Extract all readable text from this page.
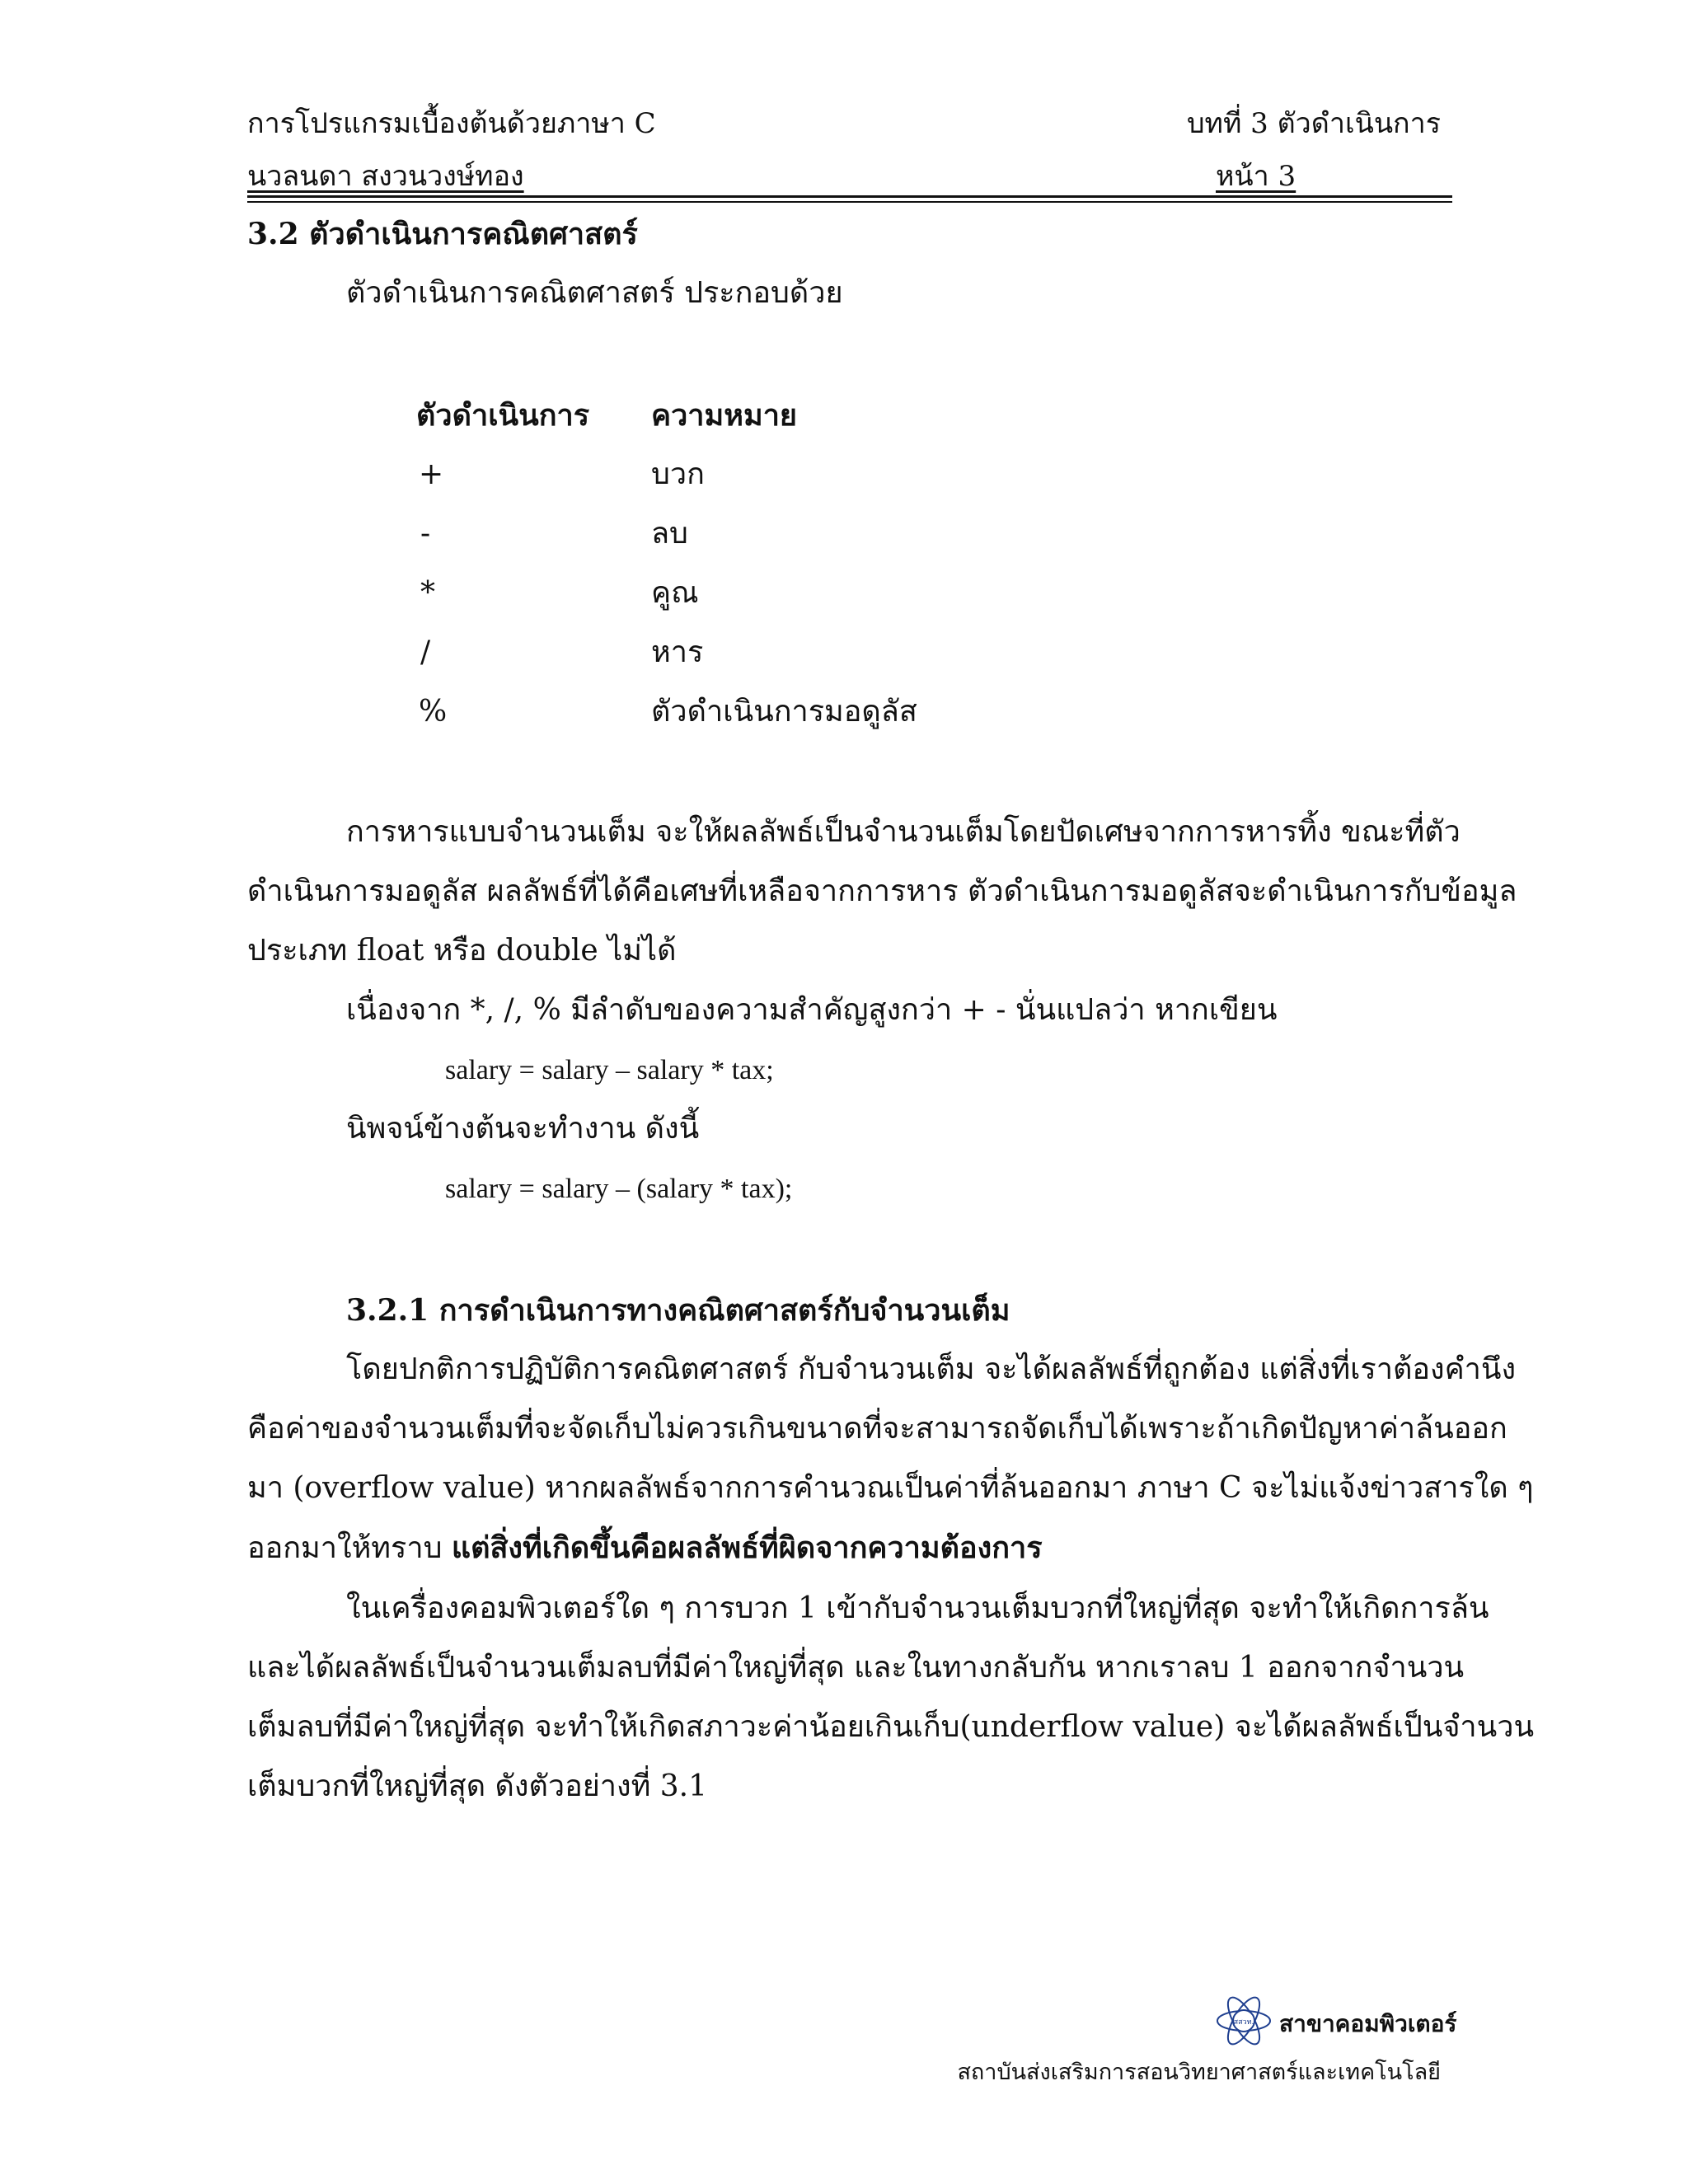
การโปรแกรมเบื้องต้นด้วยภาษา C	บทที่ 3 ตัวดำเนินการ
นวลนดา สงวนวงษ์ทอง	หน้า 3
3.2 ตัวดำเนินการคณิตศาสตร์
ตัวดำเนินการคณิตศาสตร์ ประกอบด้วย
ตัวดำเนินการ ความหมาย
+	บวก
-	ลบ
*	คูณ
/	หาร
%	ตัวดำเนินการมอดูลัส
การหารแบบจำนวนเต็ม จะให้ผลลัพธ์เป็นจำนวนเต็มโดยปัดเศษจากการหารทิ้ง ขณะที่ตัว
ดำเนินการมอดูลัส ผลลัพธ์ที่ได้คือเศษที่เหลือจากการหาร ตัวดำเนินการมอดูลัสจะดำเนินการกับข้อมูล
ประเภท float หรือ double ไม่ได้
เนื่องจาก *, /, % มีลำดับของความสำคัญสูงกว่า + - นั่นแปลว่า หากเขียน
salary = salary – salary * tax;
นิพจน์ข้างต้นจะทำงาน ดังนี้
salary = salary – (salary * tax);
3.2.1 การดำเนินการทางคณิตศาสตร์กับจำนวนเต็ม
โดยปกติการปฏิบัติการคณิตศาสตร์ กับจำนวนเต็ม จะได้ผลลัพธ์ที่ถูกต้อง แต่สิ่งที่เราต้องคำนึง
คือค่าของจำนวนเต็มที่จะจัดเก็บไม่ควรเกินขนาดที่จะสามารถจัดเก็บได้เพราะถ้าเกิดปัญหาค่าล้นออก
มา (overflow value) หากผลลัพธ์จากการคำนวณเป็นค่าที่ล้นออกมา ภาษา C จะไม่แจ้งข่าวสารใด ๆ
ออกมาให้ทราบ แต่สิ่งที่เกิดขึ้นคือผลลัพธ์ที่ผิดจากความต้องการ
ในเครื่องคอมพิวเตอร์ใด ๆ การบวก 1 เข้ากับจำนวนเต็มบวกที่ใหญ่ที่สุด จะทำให้เกิดการล้น
และได้ผลลัพธ์เป็นจำนวนเต็มลบที่มีค่าใหญ่ที่สุด และในทางกลับกัน หากเราลบ 1 ออกจากจำนวน
เต็มลบที่มีค่าใหญ่ที่สุด จะทำให้เกิดสภาวะค่าน้อยเกินเก็บ(underflow value) จะได้ผลลัพธ์เป็นจำนวน
เต็มบวกที่ใหญ่ที่สุด ดังตัวอย่างที่ 3.1
สสวท. สาขาคอมพิวเตอร์
สถาบันส่งเสริมการสอนวิทยาศาสตร์และเทคโนโลยี
